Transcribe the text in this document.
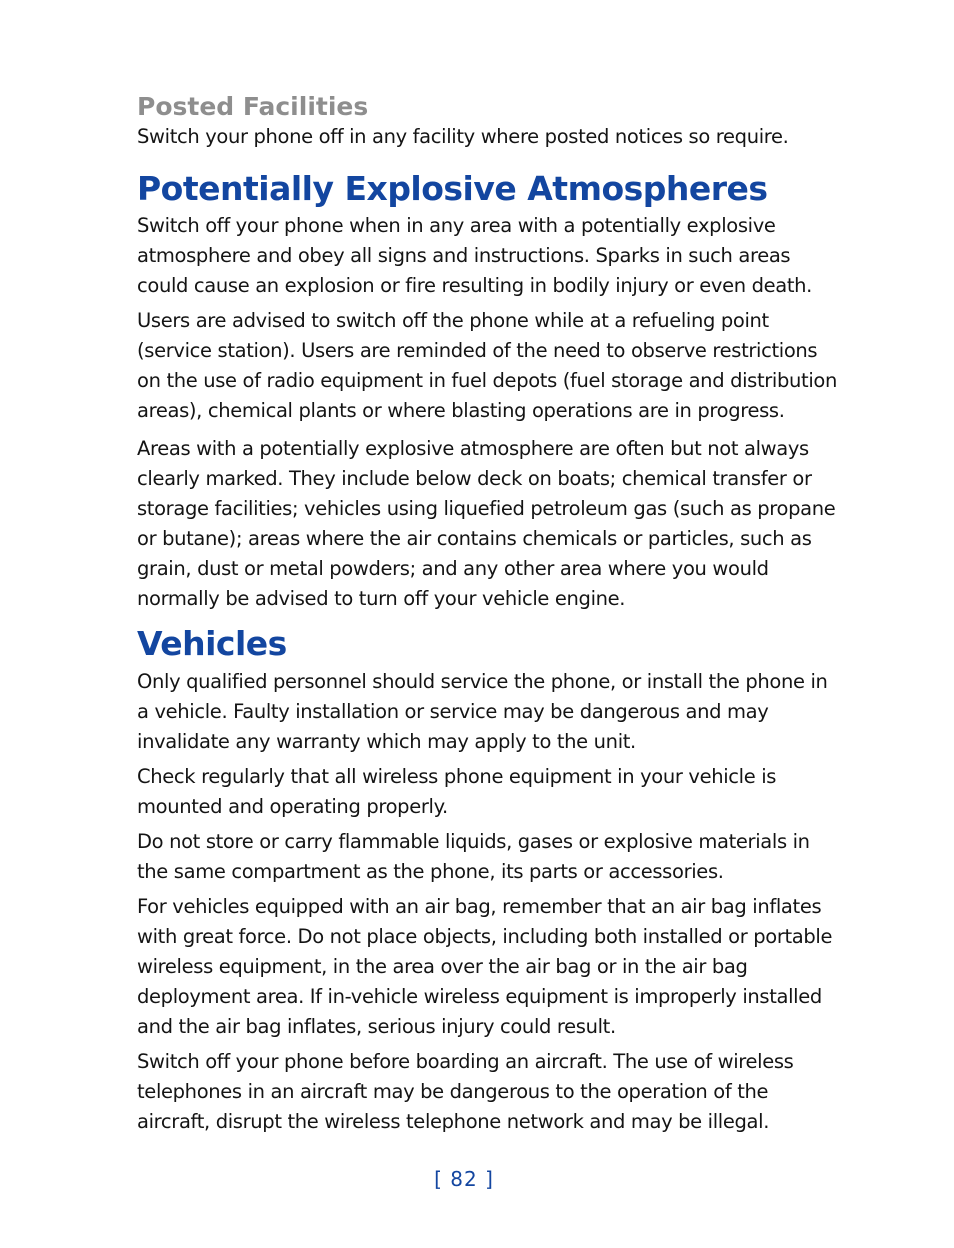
Posted Facilities

Switch your phone off in any facility where posted notices so require.

Potentially Explosive Atmospheres

Switch off your phone when in any area with a potentially explosive atmosphere and obey all signs and instructions. Sparks in such areas could cause an explosion or fire resulting in bodily injury or even death.

Users are advised to switch off the phone while at a refueling point (service station). Users are reminded of the need to observe restrictions on the use of radio equipment in fuel depots (fuel storage and distribution areas), chemical plants or where blasting operations are in progress.

Areas with a potentially explosive atmosphere are often but not always clearly marked. They include below deck on boats; chemical transfer or storage facilities; vehicles using liquefied petroleum gas (such as propane or butane); areas where the air contains chemicals or particles, such as grain, dust or metal powders; and any other area where you would normally be advised to turn off your vehicle engine.

Vehicles

Only qualified personnel should service the phone, or install the phone in a vehicle. Faulty installation or service may be dangerous and may invalidate any warranty which may apply to the unit.

Check regularly that all wireless phone equipment in your vehicle is mounted and operating properly.

Do not store or carry flammable liquids, gases or explosive materials in the same compartment as the phone, its parts or accessories.

For vehicles equipped with an air bag, remember that an air bag inflates with great force. Do not place objects, including both installed or portable wireless equipment, in the area over the air bag or in the air bag deployment area. If in-vehicle wireless equipment is improperly installed and the air bag inflates, serious injury could result.

Switch off your phone before boarding an aircraft. The use of wireless telephones in an aircraft may be dangerous to the operation of the aircraft, disrupt the wireless telephone network and may be illegal.

[ 82 ]
